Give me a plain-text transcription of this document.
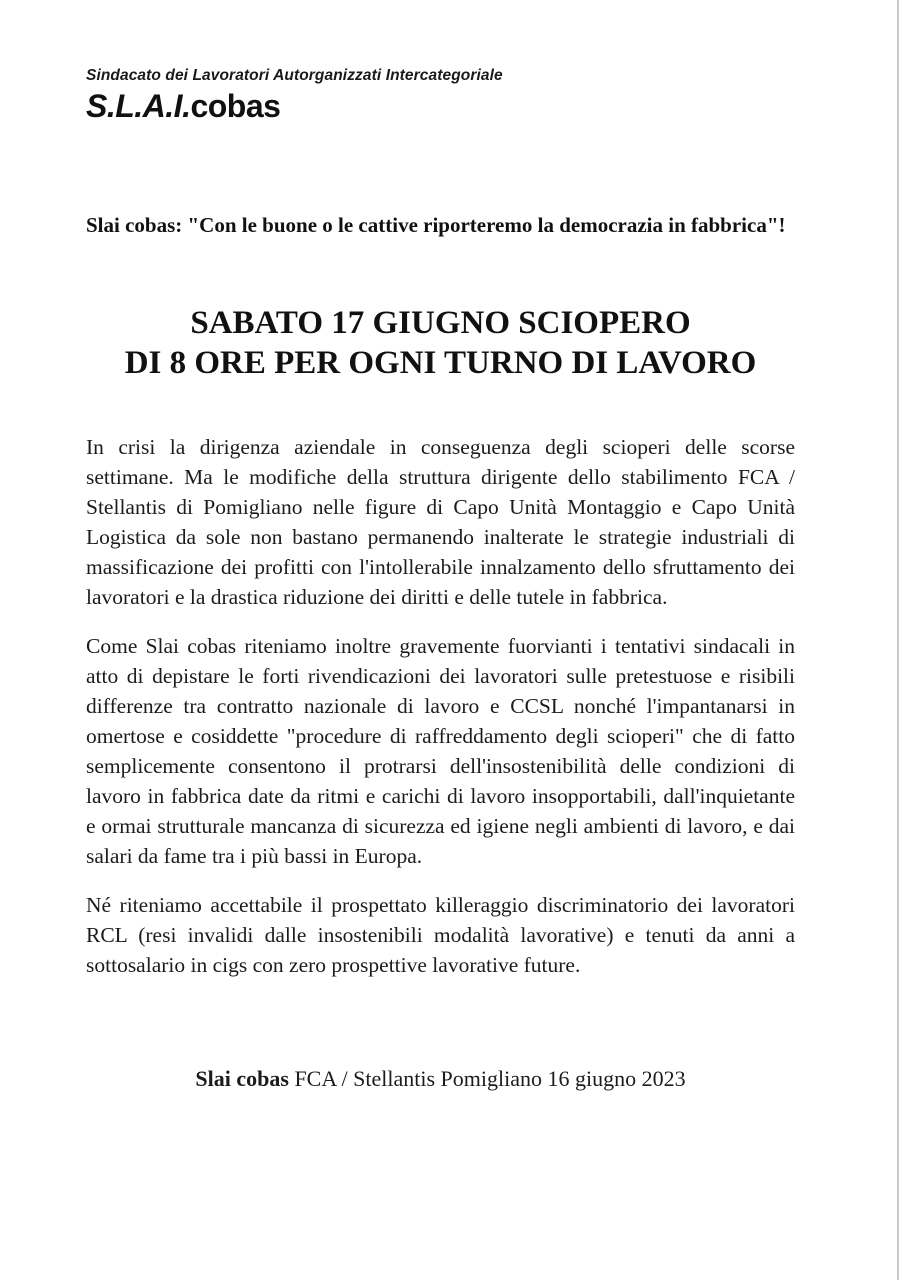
Sindacato dei Lavoratori Autorganizzati Intercategoriale
S.L.A.I.cobas

Slai cobas: "Con le buone o le cattive riporteremo la democrazia in fabbrica"!

SABATO 17 GIUGNO SCIOPERO
DI 8 ORE PER OGNI TURNO DI LAVORO

In crisi la dirigenza aziendale in conseguenza degli scioperi delle scorse settimane. Ma le modifiche della struttura dirigente dello stabilimento FCA / Stellantis di Pomigliano nelle figure di Capo Unità Montaggio e Capo Unità Logistica da sole non bastano permanendo inalterate le strategie industriali di massificazione dei profitti con l'intollerabile innalzamento dello sfruttamento dei lavoratori e la drastica riduzione dei diritti e delle tutele in fabbrica.

Come Slai cobas riteniamo inoltre gravemente fuorvianti i tentativi sindacali in atto di depistare le forti rivendicazioni dei lavoratori sulle pretestuose e risibili differenze tra contratto nazionale di lavoro e CCSL nonché l'impantanarsi in omertose e cosiddette "procedure di raffreddamento degli scioperi" che di fatto semplicemente consentono il protrarsi dell'insostenibilità delle condizioni di lavoro in fabbrica date da ritmi e carichi di lavoro insopportabili, dall'inquietante e ormai strutturale mancanza di sicurezza ed igiene negli ambienti di lavoro, e dai salari da fame tra i più bassi in Europa.

Né riteniamo accettabile il prospettato killeraggio discriminatorio dei lavoratori RCL (resi invalidi dalle insostenibili modalità lavorative) e tenuti da anni a sottosalario in cigs con zero prospettive lavorative future.

Slai cobas FCA / Stellantis Pomigliano 16 giugno 2023
